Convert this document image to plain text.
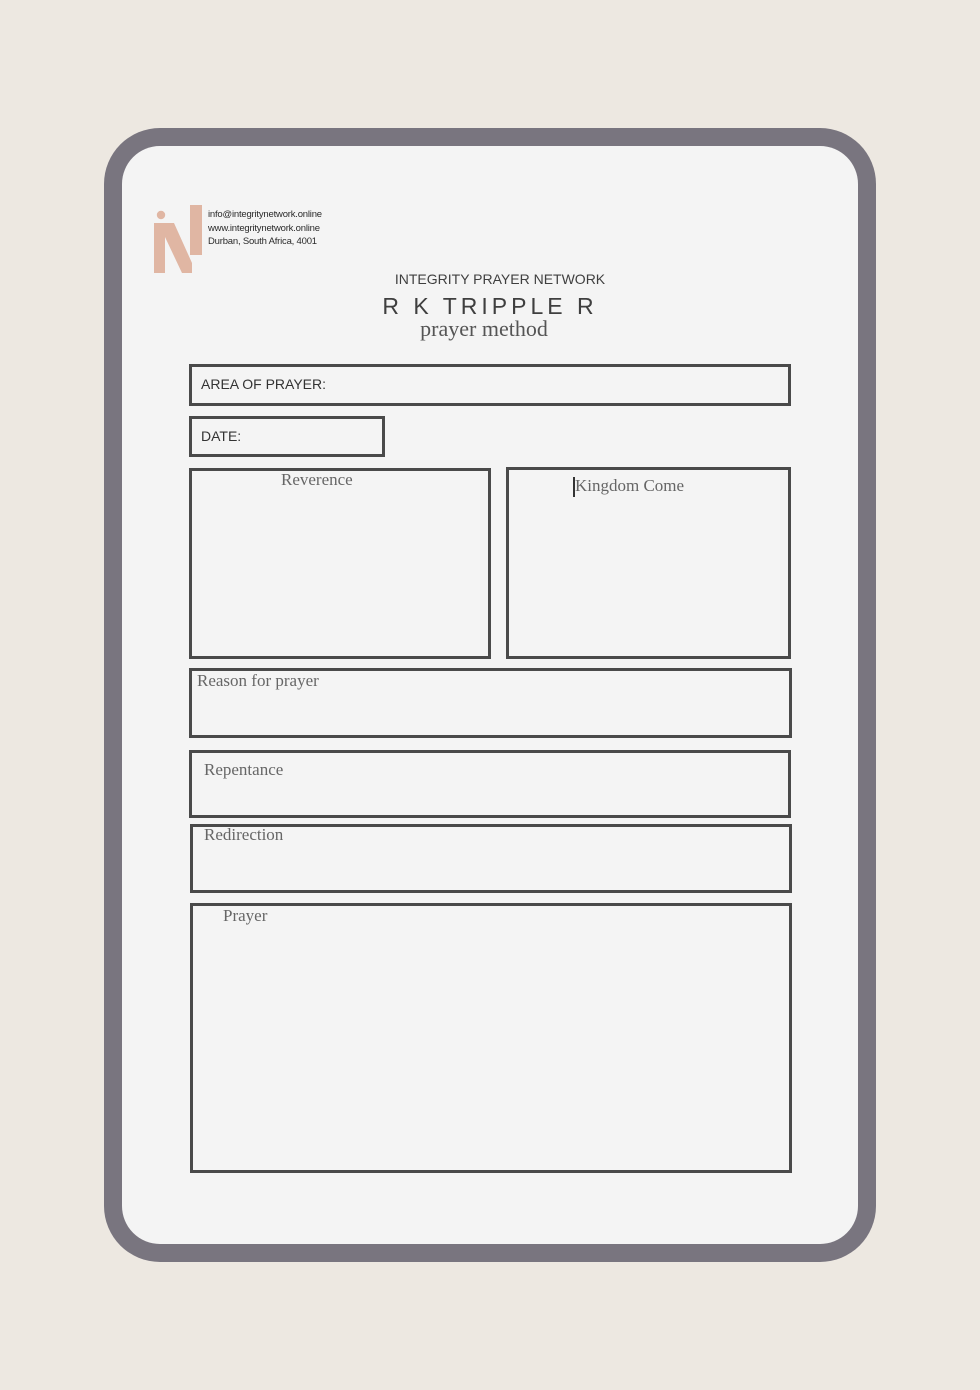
info@integritynetwork.online
www.integritynetwork.online
Durban, South Africa, 4001
INTEGRITY PRAYER NETWORK
R K TRIPPLE R
prayer method
AREA OF PRAYER:
DATE:
Reverence	Kingdom Come
Reason for prayer
Repentance
Redirection
Prayer
